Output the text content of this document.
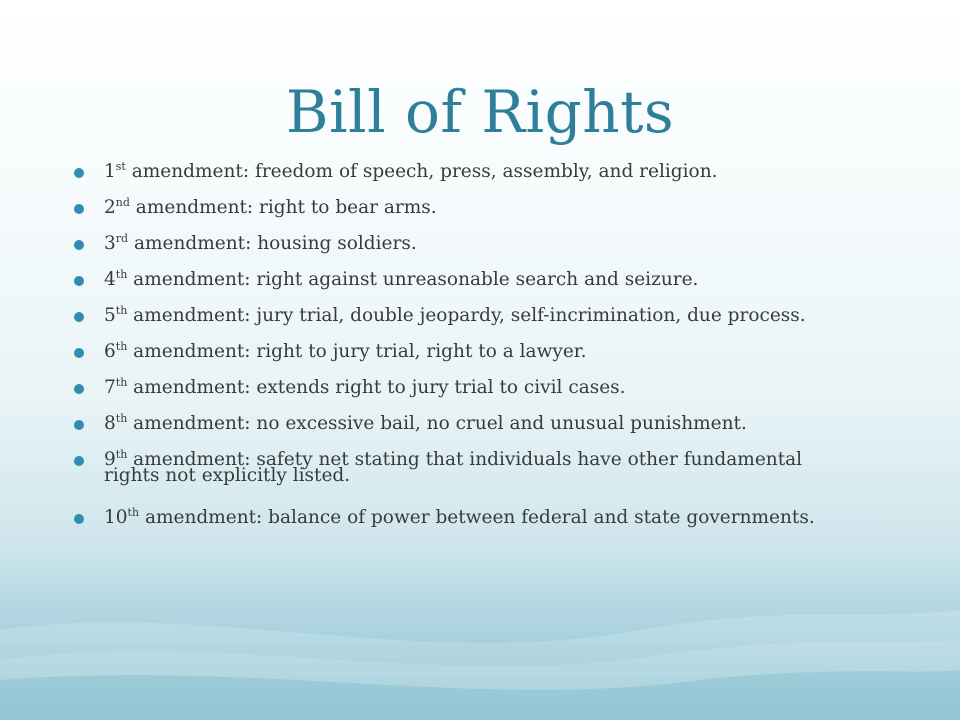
Bill of Rights
1st amendment: freedom of speech, press, assembly, and religion.
2nd amendment: right to bear arms.
3rd amendment: housing soldiers.
4th amendment: right against unreasonable search and seizure.
5th amendment: jury trial, double jeopardy, self-incrimination, due process.
6th amendment: right to jury trial, right to a lawyer.
7th amendment: extends right to jury trial to civil cases.
8th amendment: no excessive bail, no cruel and unusual punishment.
9th amendment: safety net stating that individuals have other fundamental
rights not explicitly listed.
10th amendment: balance of power between federal and state governments.
